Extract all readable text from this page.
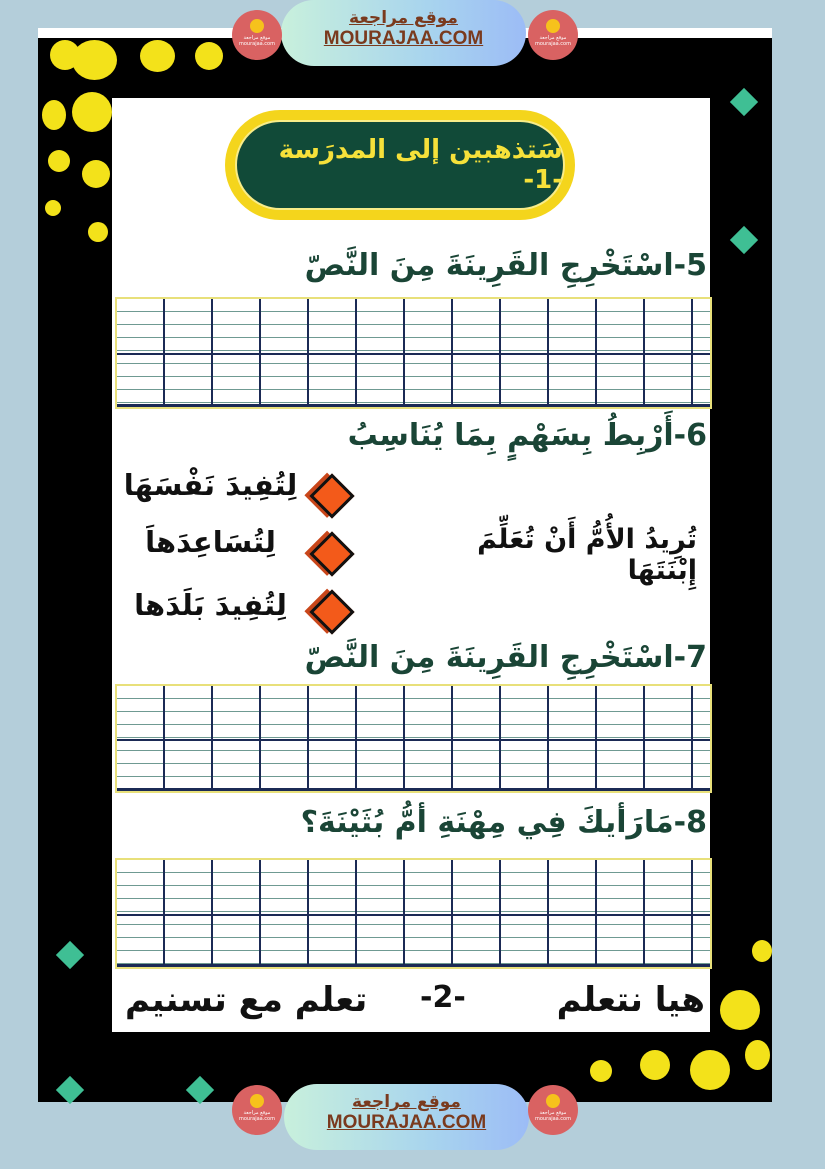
سَتذهبين إلى المدرَسة -1-
5-اسْتَخْرِجِ القَرِينَةَ مِنَ النَّصّ
6-أَرْبِطُ بِسَهْمٍ بِمَا يُنَاسِبُ
لِتُفِيدَ نَفْسَهَا
لِتُسَاعِدَهاَ
لِتُفِيدَ بَلَدَها
تُرِيدُ الأُمُّ أَنْ تُعَلِّمَ إِبْنَتَهَا
7-اسْتَخْرِجِ القَرِينَةَ مِنَ النَّصّ
8-مَارَأيكَ فِي مِهْنَةِ أمُّ بُثَيْنَةَ؟
هيا نتعلم
-2-
تعلم مع تسنيم
موقع مراجعة
MOURAJAA.COM
موقع مراجعة
mourajaa.com
موقع مراجعة
mourajaa.com
موقع مراجعة
MOURAJAA.COM
موقع مراجعة
mourajaa.com
موقع مراجعة
mourajaa.com
